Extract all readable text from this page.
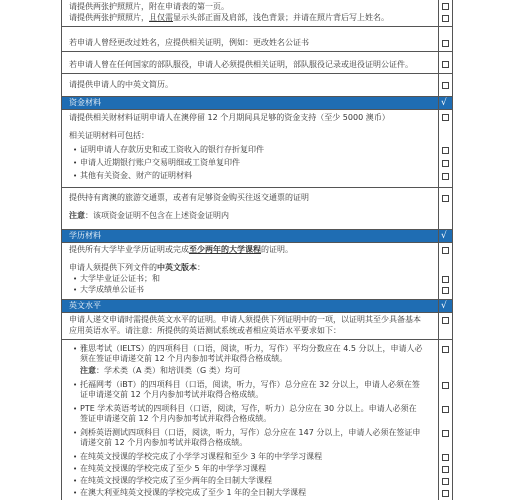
请提供两张护照照片，附在申请表的第一页。
请提供两张护照照片，且仅需显示头部正面及肩部，浅色背景；并请在照片背后写上姓名。
若申请人曾经更改过姓名，应提供相关证明，例如：更改姓名公证书
若申请人曾在任何国家的部队服役，申请人必须提供相关证明，部队服役记录或退役证明公证件。
请提供申请人的中英文简历。
资金材料	√
请提供相关财材料证明申请人在澳停留 12 个月期间具足够的资金支持（至少 5000 澳币）
相关证明材料可包括：
• 证明申请人存款历史和或工资收入的银行存折复印件
• 申请人近期银行账户交易明细或工资单复印件
• 其他有关资金、财产的证明材料
提供持有离澳的旅游交通票，或者有足够资金购买往返交通票的证明
注意：该项资金证明不包含在上述资金证明内
学历材料	√
提供所有大学毕业学历证明或完成至少两年的大学课程的证明。
申请人须提供下列文件的中英文版本：
• 大学毕业证公证书；和
• 大学成绩单公证书
英文水平	√
申请人递交申请时需提供英文水平的证明。申请人须提供下列证明中的一项，以证明其至少具备基本
应用英语水平。请注意：所提供的英语测试系统或者相应英语水平要求如下：
• 雅思考试（IELTS）的四项科目（口语，阅读，听力，写作）平均分数应在 4.5 分以上，申请人必
须在签证申请递交前 12 个月内参加考试并取得合格成绩。
注意：学术类（A 类）和培训类（G 类）均可
• 托福网考（iBT）的四项科目（口语，阅读，听力，写作）总分应在 32 分以上，申请人必须在签
证申请递交前 12 个月内参加考试并取得合格成绩。
• PTE 学术英语考试的四项科目（口语，阅读，写作，听力）总分应在 30 分以上。申请人必须在
签证申请递交前 12 个月内参加考试并取得合格成绩。
• 剑桥英语测试四项科目（口语，阅读，听力，写作）总分应在 147 分以上，申请人必须在签证申
请递交前 12 个月内参加考试并取得合格成绩。
• 在纯英文授课的学校完成了小学学习课程和至少 3 年的中学学习课程
• 在纯英文授课的学校完成了至少 5 年的中学学习课程
• 在纯英文授课的学校完成了至少两年的全日制大学课程
• 在澳大利亚纯英文授课的学校完成了至少 1 年的全日制大学课程
